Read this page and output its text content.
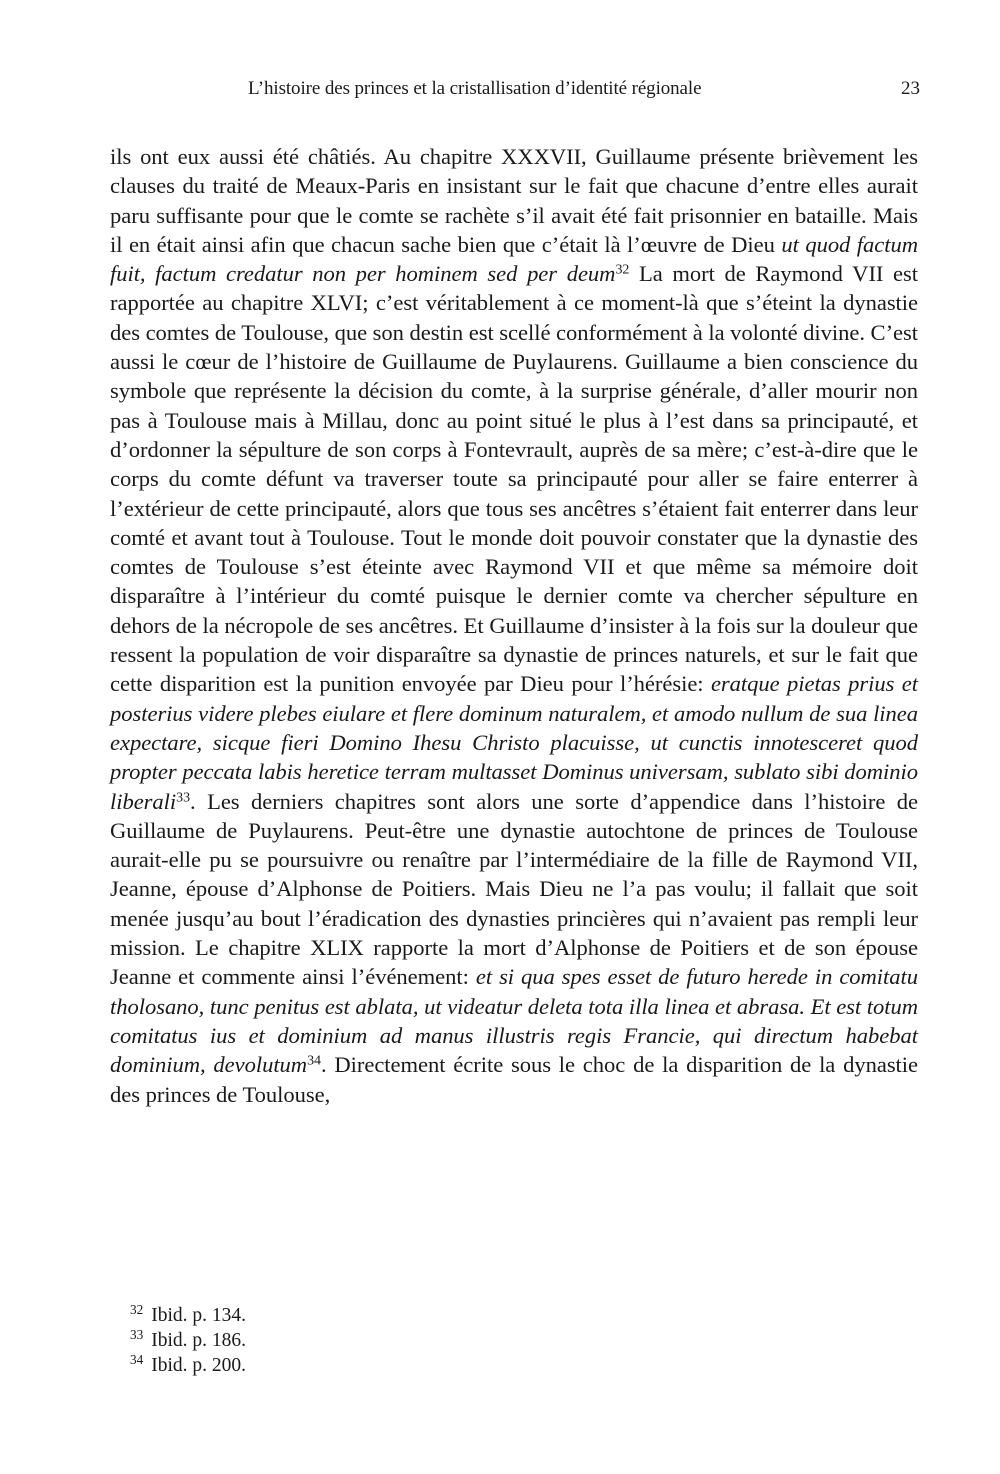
L’histoire des princes et la cristallisation d’identité régionale	23
ils ont eux aussi été châtiés. Au chapitre XXXVII, Guillaume présente brièvement les clauses du traité de Meaux-Paris en insistant sur le fait que chacune d’entre elles aurait paru suffisante pour que le comte se rachète s’il avait été fait prisonnier en bataille. Mais il en était ainsi afin que chacun sache bien que c’était là l’œuvre de Dieu ut quod factum fuit, factum credatur non per hominem sed per deum$^{32}$ La mort de Raymond VII est rapportée au chapitre XLVI; c’est véritablement à ce moment-là que s’éteint la dynastie des comtes de Toulouse, que son destin est scellé conformément à la volonté divine. C’est aussi le cœur de l’histoire de Guillaume de Puylaurens. Guillaume a bien conscience du symbole que représente la décision du comte, à la surprise générale, d’aller mourir non pas à Toulouse mais à Millau, donc au point situé le plus à l’est dans sa principauté, et d’ordonner la sépulture de son corps à Fontevrault, auprès de sa mère; c’est-à-dire que le corps du comte défunt va traverser toute sa principauté pour aller se faire enterrer à l’extérieur de cette principauté, alors que tous ses ancêtres s’étaient fait enterrer dans leur comté et avant tout à Toulouse. Tout le monde doit pouvoir constater que la dynastie des comtes de Toulouse s’est éteinte avec Raymond VII et que même sa mémoire doit disparaître à l’intérieur du comté puisque le dernier comte va chercher sépulture en dehors de la nécropole de ses ancêtres. Et Guillaume d’insister à la fois sur la douleur que ressent la population de voir disparaître sa dynastie de princes naturels, et sur le fait que cette disparition est la punition envoyée par Dieu pour l’hérésie: eratque pietas prius et posterius videre plebes eiulare et flere dominum naturalem, et amodo nullum de sua linea expectare, sicque fieri Domino Ihesu Christo placuisse, ut cunctis innotesceret quod propter peccata labis heretice terram multasset Dominus universam, sublato sibi dominio liberali$^{33}$. Les derniers chapitres sont alors une sorte d’appendice dans l’histoire de Guillaume de Puylaurens. Peut-être une dynastie autochtone de princes de Toulouse aurait-elle pu se poursuivre ou renaître par l’intermédiaire de la fille de Raymond VII, Jeanne, épouse d’Alphonse de Poitiers. Mais Dieu ne l’a pas voulu; il fallait que soit menée jusqu’au bout l’éradication des dynasties princières qui n’avaient pas rempli leur mission. Le chapitre XLIX rapporte la mort d’Alphonse de Poitiers et de son épouse Jeanne et commente ainsi l’événement: et si qua spes esset de futuro herede in comitatu tholosano, tunc penitus est ablata, ut videatur deleta tota illa linea et abrasa. Et est totum comitatus ius et dominium ad manus illustris regis Francie, qui directum habebat dominium, devolutum$^{34}$. Directement écrite sous le choc de la disparition de la dynastie des princes de Toulouse,
$^{32}$ Ibid. p. 134.
$^{33}$ Ibid. p. 186.
$^{34}$ Ibid. p. 200.
